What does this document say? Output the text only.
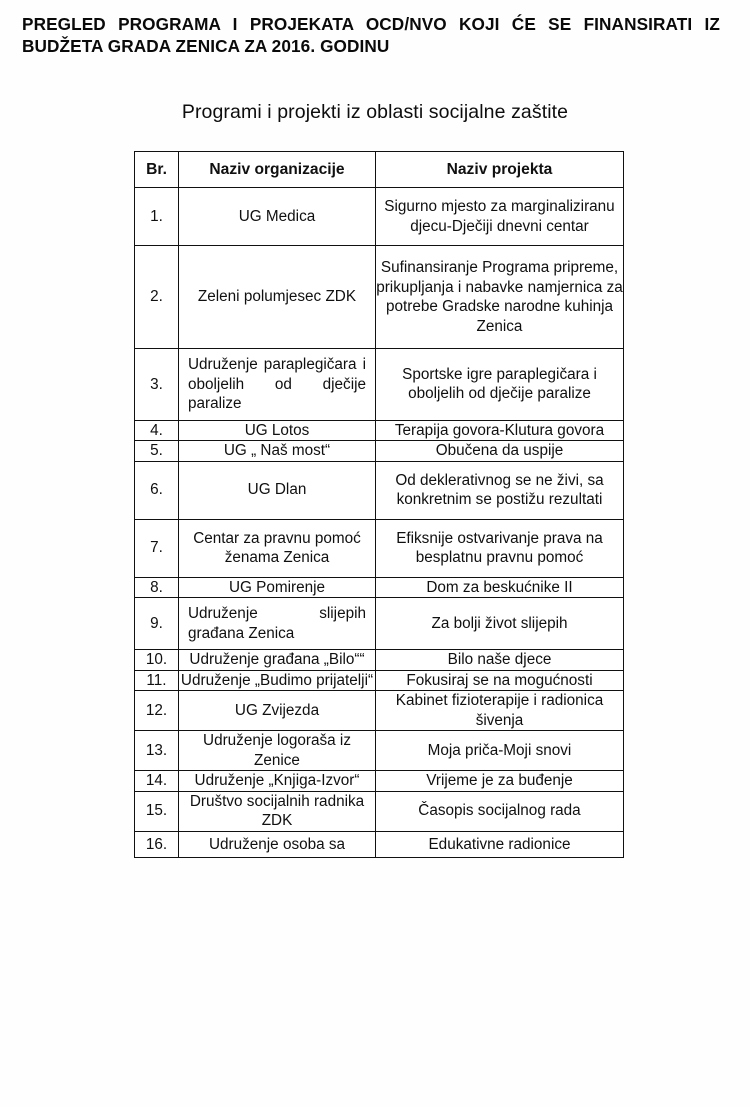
PREGLED PROGRAMA I PROJEKATA OCD/NVO KOJI ĆE SE FINANSIRATI IZ
BUDŽETA GRADA ZENICA ZA 2016. GODINU
Programi i projekti iz oblasti socijalne zaštite
Br.	Naziv organizacije	Naziv projekta
1.	UG Medica	Sigurno mjesto za marginaliziranu djecu-Dječiji dnevni centar
2.	Zeleni polumjesec ZDK	Sufinansiranje Programa pripreme, prikupljanja i nabavke namjernica za potrebe Gradske narodne kuhinja Zenica
3.	Udruženje paraplegičara i oboljelih od dječije paralize	Sportske igre paraplegičara i oboljelih od dječije paralize
4.	UG Lotos	Terapija govora-Klutura govora
5.	UG „ Naš most“	Obučena da uspije
6.	UG Dlan	Od deklerativnog se ne živi, sa konkretnim se postižu rezultati
7.	Centar za pravnu pomoć ženama Zenica	Efiksnije ostvarivanje prava na besplatnu pravnu pomoć
8.	UG Pomirenje	Dom za beskućnike II
9.	Udruženje slijepih građana Zenica	Za bolji život slijepih
10.	Udruženje građana „Bilo““	Bilo naše djece
11.	Udruženje „Budimo prijatelji“	Fokusiraj se na mogućnosti
12.	UG Zvijezda	Kabinet fizioterapije i radionica šivenja
13.	Udruženje logoraša iz Zenice	Moja priča-Moji snovi
14.	Udruženje „Knjiga-Izvor“	Vrijeme je za buđenje
15.	Društvo socijalnih radnika ZDK	Časopis socijalnog rada
16.	Udruženje osoba sa	Edukativne radionice
